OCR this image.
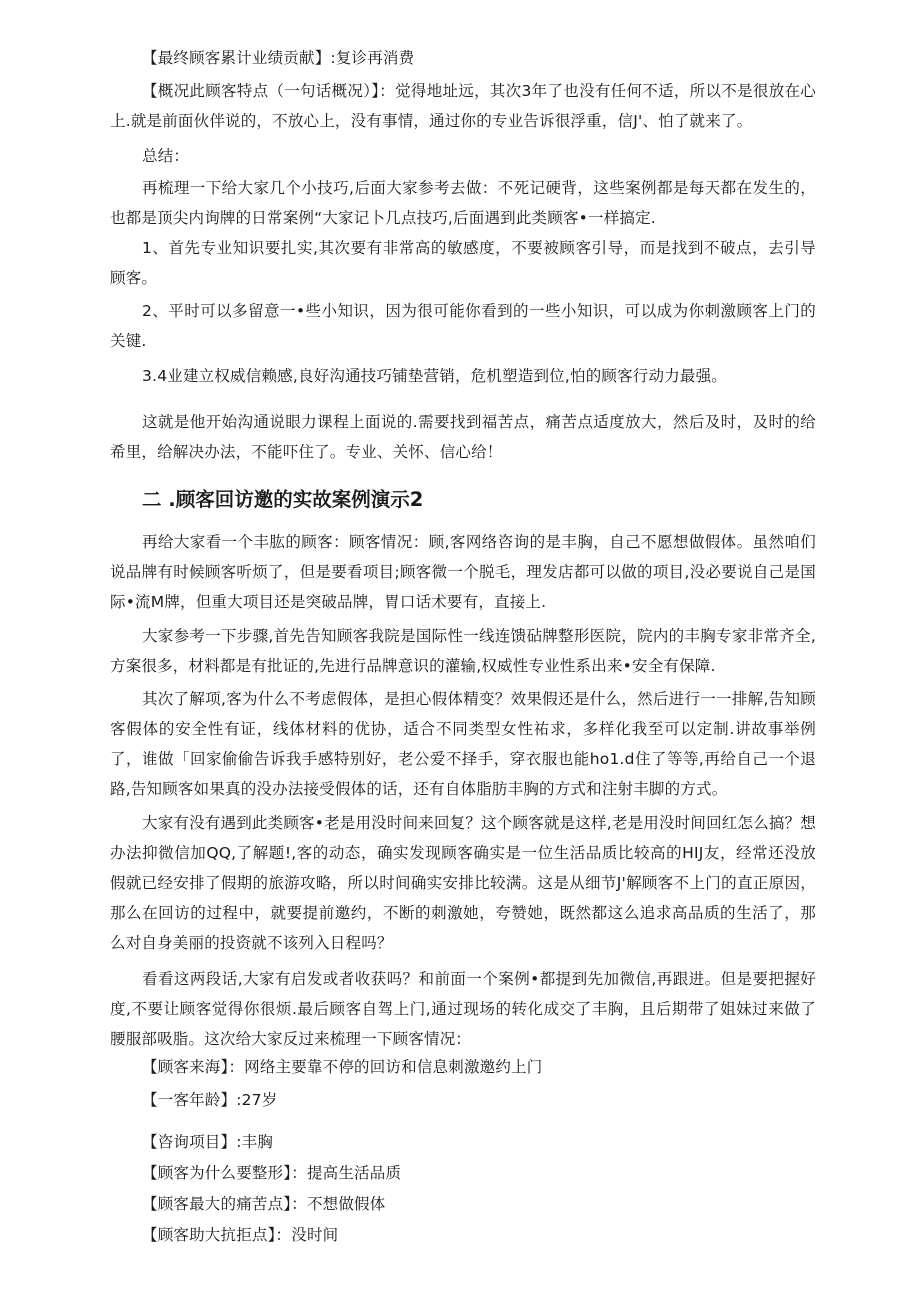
【最终顾客累计业绩贡献】:复诊再消费

【概况此顾客特点（一句话概况）】：觉得地址远，其次3年了也没有任何不适，所以不是很放在心上.就是前面伙伴说的，不放心上，没有事情，通过你的专业告诉很浮重，信J'、怕了就来了。

总结：

再梳理一下给大家几个小技巧,后面大家参考去做：不死记硬背，这些案例都是每天都在发生的，也都是顶尖内询牌的日常案例“大家记卜几点技巧,后面遇到此类顾客•一样搞定.

1、首先专业知识要扎实,其次要有非常高的敏感度，不要被顾客引导，而是找到不破点，去引导顾客。

2、平时可以多留意一•些小知识，因为很可能你看到的一些小知识，可以成为你刺激顾客上门的关键.

3.4业建立权威信赖感,良好沟通技巧铺垫营销，危机塑造到位,怕的顾客行动力最强。

这就是他开始沟通说眼力课程上面说的.需要找到福苦点，痛苦点适度放大，然后及时，及时的给希里，给解决办法，不能吓住了。专业、关怀、信心给！

二 .顾客回访邀的实故案例演示2

再给大家看一个丰肱的顾客：顾客情况：顾,客网络咨询的是丰胸，自己不愿想做假体。虽然咱们说品牌有时候顾客听烦了，但是要看项目;顾客微一个脱毛，理发店都可以做的项目,没必要说自己是国际•流M牌，但重大项目还是突破品牌，胃口话术要有，直接上.

大家参考一下步骤,首先告知顾客我院是国际性一线连馈砧牌整形医院，院内的丰胸专家非常齐全,方案很多，材料都是有批证的,先进行品牌意识的灌输,权威性专业性系出来•安全有保障.

其次了解项,客为什么不考虑假体，是担心假体精变？效果假还是什么，然后进行一一排解,告知顾客假体的安全性有证，线体材料的优协，适合不同类型女性祐求，多样化我至可以定制.讲故事举例了，谁做「回家偷偷告诉我手感特别好，老公爱不择手，穿衣服也能ho1.d住了等等,再给自己一个退路,告知顾客如果真的没办法接受假体的话，还有自体脂肪丰胸的方式和注射丰脚的方式。

大家有没有遇到此类顾客•老是用没时间来回复？这个顾客就是这样,老是用没时间回红怎么搞？想办法抑微信加QQ,了解题!,客的动态，确实发现顾客确实是一位生活品质比较高的HIJ友，经常还没放假就已经安排了假期的旅游攻略，所以时间确实安排比较满。这是从细节J'解顾客不上门的直正原因，那么在回访的过程中，就要提前邀约，不断的刺激她，夸赞她，既然都这么追求高品质的生活了，那么对自身美丽的投资就不该列入日程吗？

看看这两段话,大家有启发或者收获吗？和前面一个案例•都提到先加微信,再跟进。但是要把握好度,不要让顾客觉得你很烦.最后顾客自驾上门,通过现场的转化成交了丰胸，且后期带了姐妹过来做了腰服部吸脂。这次给大家反过来梳理一下顾客情况：

【顾客来海】：网络主要靠不停的回访和信息刺激邀约上门

【一客年龄】:27岁

【咨询项目】:丰胸

【顾客为什么要整形】：提高生活品质

【顾客最大的痛苦点】：不想做假体

【顾客助大抗拒点】：没时间
